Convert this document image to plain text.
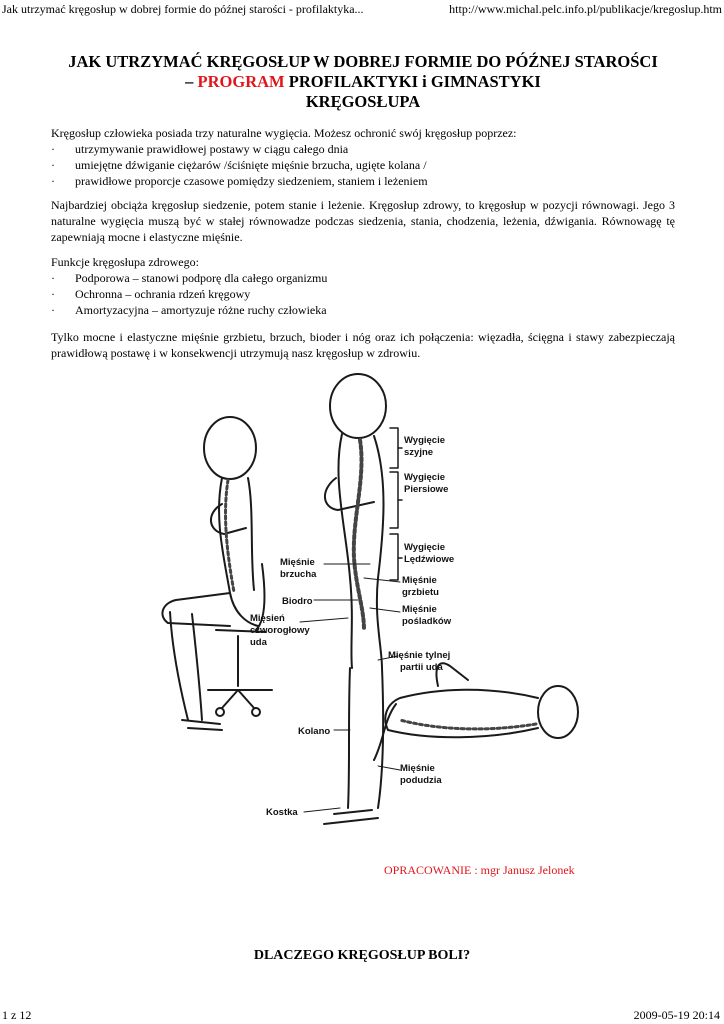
Jak utrzymać kręgosłup w dobrej formie do późnej starości - profilaktyka...	http://www.michal.pelc.info.pl/publikacje/kregoslup.htm
JAK UTRZYMAĆ KRĘGOSŁUP W DOBREJ FORMIE DO PÓŹNEJ STAROŚCI
– PROGRAM PROFILAKTYKI i GIMNASTYKI
KRĘGOSŁUPA

Kręgosłup człowieka posiada trzy naturalne wygięcia. Możesz ochronić swój kręgosłup poprzez:

· utrzymywanie prawidłowej postawy w ciągu całego dnia
· umiejętne dźwiganie ciężarów /ściśnięte mięśnie brzucha, ugięte kolana /
· prawidłowe proporcje czasowe pomiędzy siedzeniem, staniem i leżeniem
Najbardziej obciąża kręgosłup siedzenie, potem stanie i leżenie. Kręgosłup zdrowy, to kręgosłup w pozycji równowagi. Jego 3 naturalne wygięcia muszą być w stałej równowadze podczas siedzenia, stania, chodzenia, leżenia, dźwigania. Równowagę tę zapewniają mocne i elastyczne mięśnie.

Funkcje kręgosłupa zdrowego:

· Podporowa – stanowi podporę dla całego organizmu
· Ochronna – ochrania rdzeń kręgowy
· Amortyzacyjna – amortyzuje różne ruchy człowieka
Tylko mocne i elastyczne mięśnie grzbietu, brzuch, bioder i nóg oraz ich połączenia: więzadła, ścięgna i stawy zabezpieczają prawidłową postawę i w konsekwencji utrzymują nasz kręgosłup w zdrowiu.
Wygięcie
szyjne
Wygięcie
Piersiowe
Wygięcie
Lędźwiowe
Mięśnie
brzucha
Mięśnie
grzbietu
Biodro
Mięśnie
pośladków
Mięsień
czworogłowy
uda
Mięśnie tylnej
partii uda
Kolano
Mięśnie
podudzia
Kostka
OPRACOWANIE : mgr Janusz Jelonek
DLACZEGO KRĘGOSŁUP BOLI?
1 z 12	2009-05-19 20:14
